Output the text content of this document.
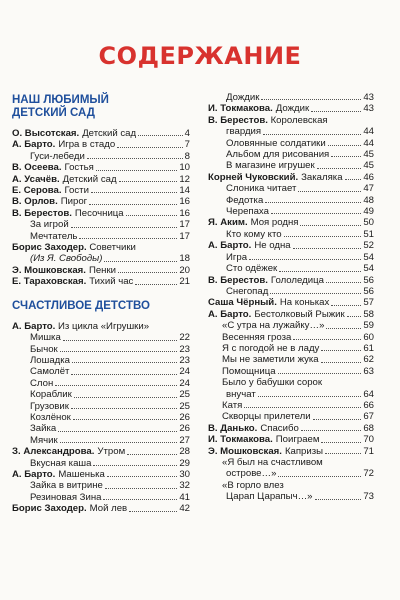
СОДЕРЖАНИЕ
НАШ ЛЮБИМЫЙ
ДЕТСКИЙ САД
О. Высотская. Детский сад	4
А. Барто. Игра в стадо	7
Гуси-лебеди	8
В. Осеева. Гостья	10
А. Усачёв. Детский сад	12
Е. Серова. Гости	14
В. Орлов. Пирог	16
В. Берестов. Песочница	16
За игрой	17
Мечтатель	17
Борис Заходер. Советчики
(Из Я. Свободы)	18
Э. Мошковская. Пенки	20
Е. Тараховская. Тихий час	21
СЧАСТЛИВОЕ ДЕТСТВО
А. Барто. Из цикла «Игрушки»
Мишка	22
Бычок	23
Лошадка	23
Самолёт	24
Слон	24
Кораблик	25
Грузовик	25
Козлёнок	26
Зайка	26
Мячик	27
З. Александрова. Утром	28
Вкусная каша	29
А. Барто. Машенька	30
Зайка в витрине	32
Резиновая Зина	41
Борис Заходер. Мой лев	42
Дождик	43
И. Токмакова. Дождик	43
В. Берестов. Королевская
гвардия	44
Оловянные солдатики	44
Альбом для рисования	45
В магазине игрушек	45
Корней Чуковский. Закаляка 46
Слоника читает	47
Федотка	48
Черепаха	49
Я. Аким. Моя родня	50
Кто кому кто	51
А. Барто. Не одна	52
Игра	54
Сто одёжек	54
В. Берестов. Гололедица	56
Снегопад	56
Саша Чёрный. На коньках	57
А. Барто. Бестолковый Рыжик 58
«С утра на лужайку…»	59
Весенняя гроза	60
Я с погодой не в ладу	61
Мы не заметили жука	62
Помощница	63
Было у бабушки сорок
внучат	64
Катя	66
Скворцы прилетели	67
В. Данько. Спасибо	68
И. Токмакова. Поиграем	70
Э. Мошковская. Капризы	71
«Я был на счастливом
острове…»	72
«В горло влез
Царап Царапыч…»	73
